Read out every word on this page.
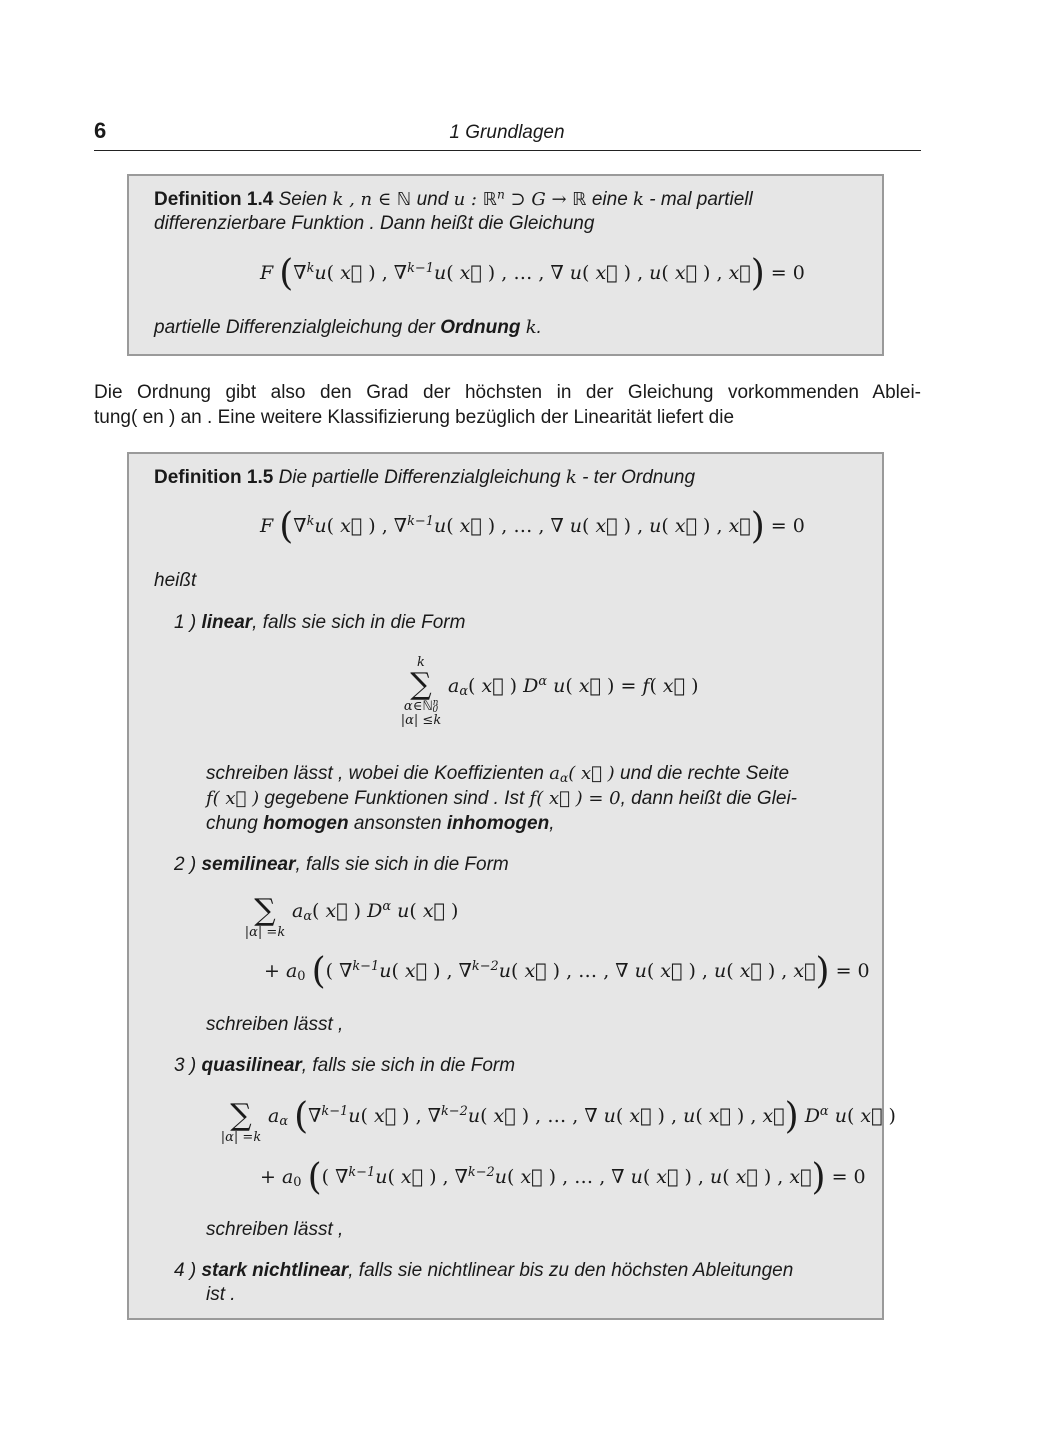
6	1 Grundlagen
Definition 1.4 Seien k , n ∈ ℕ und u : ℝ$^n$ ⊃ G → ℝ eine k - mal partiell
differenzierbare Funktion . Dann heißt die Gleichung
F (∇$^k$u( x⃗ ) , ∇$^{k-1}$u( x⃗ ) , … , ∇ u( x⃗ ) , u( x⃗ ) , x⃗) = 0
partielle Differenzialgleichung der Ordnung k.
Die Ordnung gibt also den Grad der höchsten in der Gleichung vorkommenden Ablei-
tung( en ) an . Eine weitere Klassifizierung bezüglich der Linearität liefert die
Definition 1.5 Die partielle Differenzialgleichung k - ter Ordnung
F (∇$^k$u( x⃗ ) , ∇$^{k-1}$u( x⃗ ) , … , ∇ u( x⃗ ) , u( x⃗ ) , x⃗) = 0
heißt
1 ) linear, falls sie sich in die Form
k
∑
α∈ℕ$^n_0$
|α| ≤k
$a_\alpha$( x⃗ ) $D^\alpha$ u( x⃗ ) = f( x⃗ )
schreiben lässt , wobei die Koeffizienten $a_\alpha$( x⃗ ) und die rechte Seite
f( x⃗ ) gegebene Funktionen sind . Ist f( x⃗ ) = 0, dann heißt die Glei-
chung homogen ansonsten inhomogen,
2 ) semilinear, falls sie sich in die Form
∑
|α| =k
$a_\alpha$( x⃗ ) $D^\alpha$ u( x⃗ )
+ $a_0$ (( ∇$^{k-1}$u( x⃗ ) , ∇$^{k-2}$u( x⃗ ) , … , ∇ u( x⃗ ) , u( x⃗ ) , x⃗) = 0
schreiben lässt ,
3 ) quasilinear, falls sie sich in die Form
∑
|α| =k
$a_\alpha$ (∇$^{k-1}$u( x⃗ ) , ∇$^{k-2}$u( x⃗ ) , … , ∇ u( x⃗ ) , u( x⃗ ) , x⃗) $D^\alpha$ u( x⃗ )
+ $a_0$ (( ∇$^{k-1}$u( x⃗ ) , ∇$^{k-2}$u( x⃗ ) , … , ∇ u( x⃗ ) , u( x⃗ ) , x⃗) = 0
schreiben lässt ,
4 ) stark nichtlinear, falls sie nichtlinear bis zu den höchsten Ableitungen
ist .
